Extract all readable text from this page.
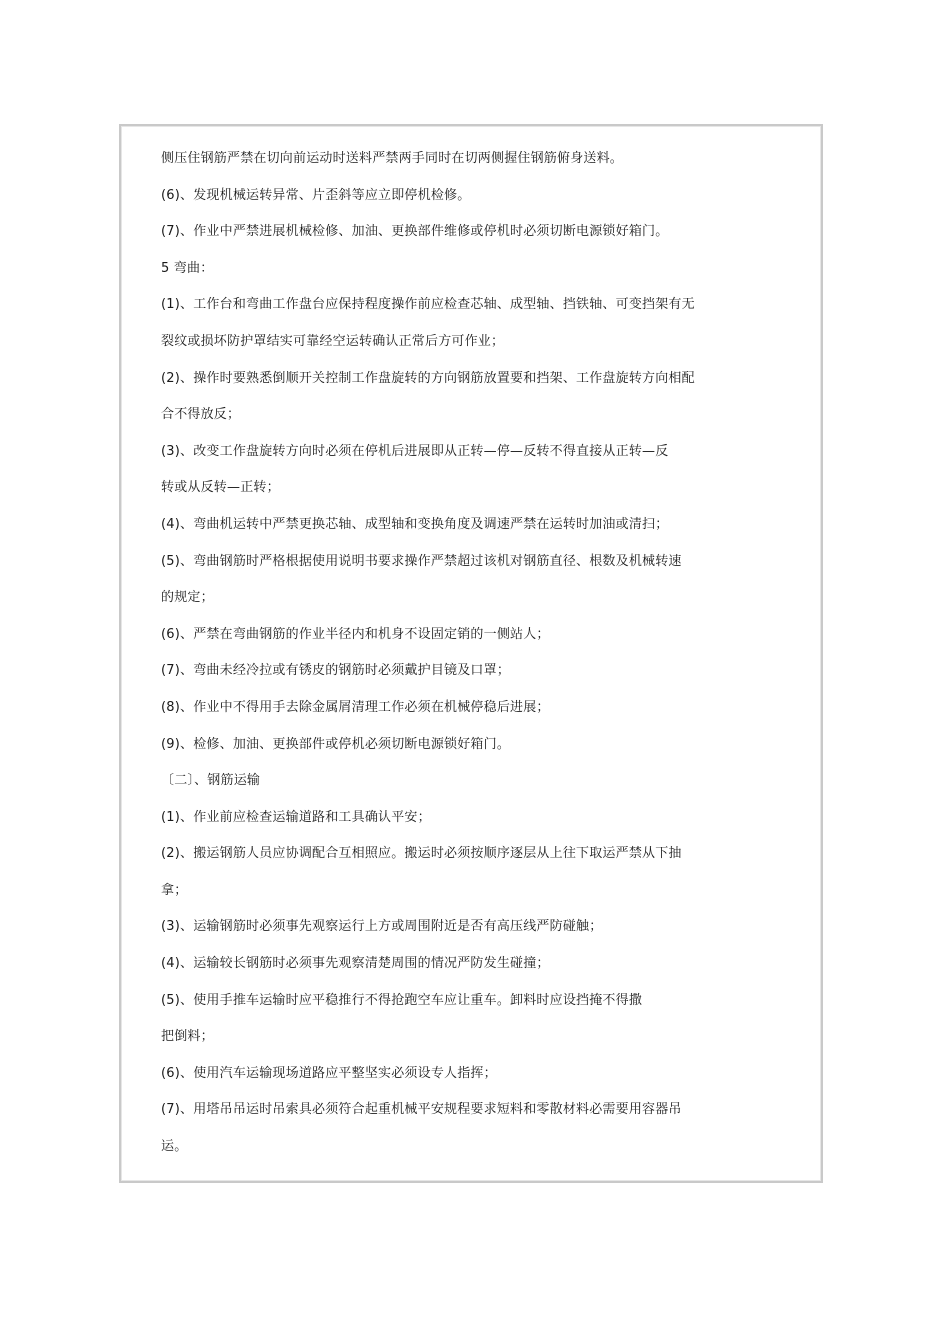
侧压住钢筋严禁在切向前运动时送料严禁两手同时在切两侧握住钢筋俯身送料。
(6)、发现机械运转异常、片歪斜等应立即停机检修。
(7)、作业中严禁进展机械检修、加油、更换部件维修或停机时必须切断电源锁好箱门。
5 弯曲：
(1)、工作台和弯曲工作盘台应保持程度操作前应检查芯轴、成型轴、挡铁轴、可变挡架有无
裂纹或损坏防护罩结实可靠经空运转确认正常后方可作业；
(2)、操作时要熟悉倒顺开关控制工作盘旋转的方向钢筋放置要和挡架、工作盘旋转方向相配
合不得放反；
(3)、改变工作盘旋转方向时必须在停机后进展即从正转—停—反转不得直接从正转—反
转或从反转—正转；
(4)、弯曲机运转中严禁更换芯轴、成型轴和变换角度及调速严禁在运转时加油或清扫；
(5)、弯曲钢筋时严格根据使用说明书要求操作严禁超过该机对钢筋直径、根数及机械转速
的规定；
(6)、严禁在弯曲钢筋的作业半径内和机身不设固定销的一侧站人；
(7)、弯曲未经冷拉或有锈皮的钢筋时必须戴护目镜及口罩；
(8)、作业中不得用手去除金属屑清理工作必须在机械停稳后进展；
(9)、检修、加油、更换部件或停机必须切断电源锁好箱门。
〔二〕、钢筋运输
(1)、作业前应检查运输道路和工具确认平安；
(2)、搬运钢筋人员应协调配合互相照应。搬运时必须按顺序逐层从上往下取运严禁从下抽
拿；
(3)、运输钢筋时必须事先观察运行上方或周围附近是否有高压线严防碰触；
(4)、运输较长钢筋时必须事先观察清楚周围的情况严防发生碰撞；
(5)、使用手推车运输时应平稳推行不得抢跑空车应让重车。卸料时应设挡掩不得撒
把倒料；
(6)、使用汽车运输现场道路应平整坚实必须设专人指挥；
(7)、用塔吊吊运时吊索具必须符合起重机械平安规程要求短料和零散材料必需要用容器吊
运。
